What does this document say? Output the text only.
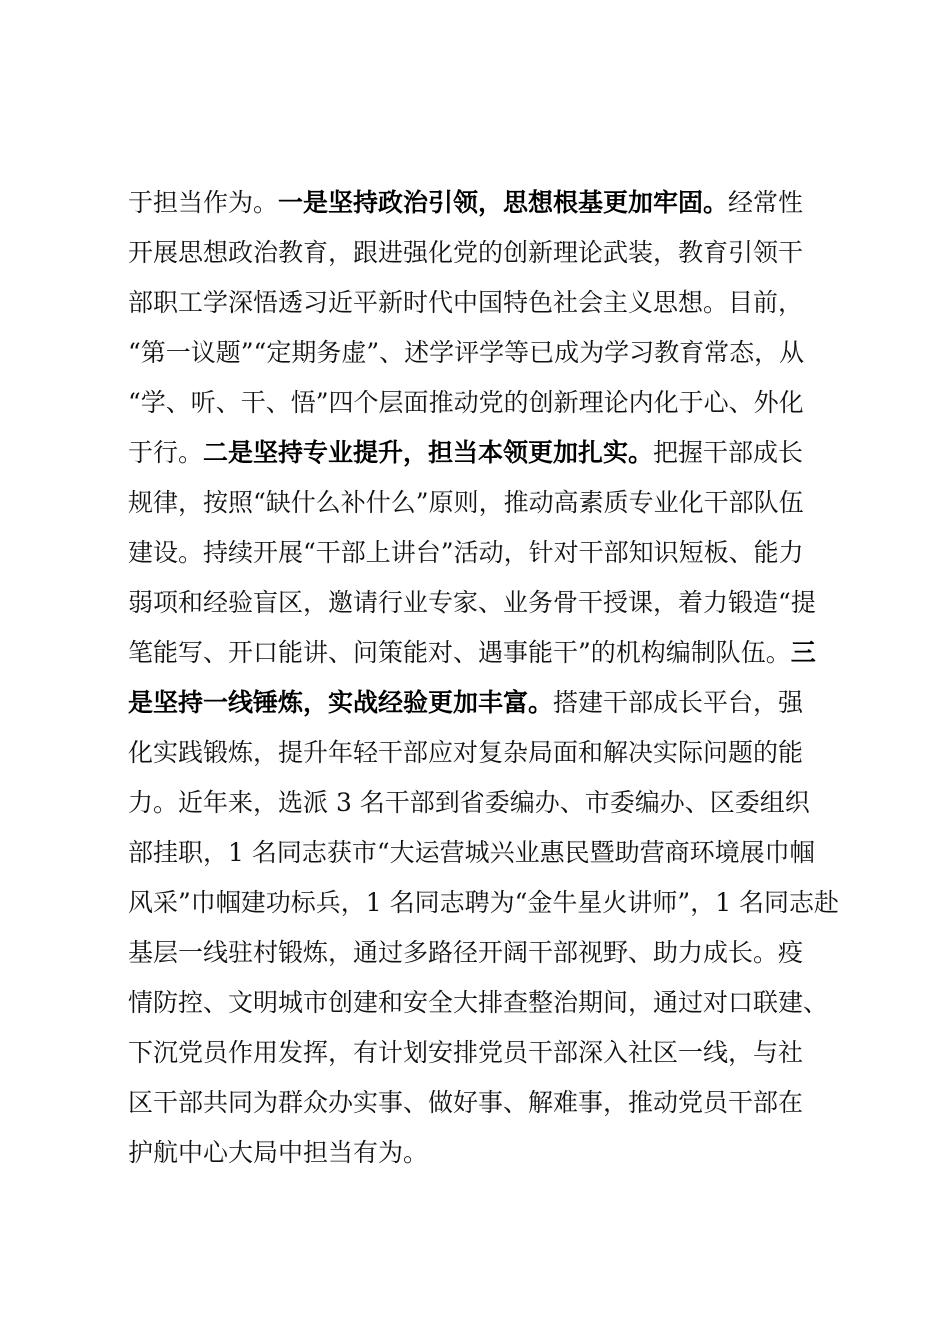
于担当作为。一是坚持政治引领，思想根基更加牢固。经常性
开展思想政治教育，跟进强化党的创新理论武装，教育引领干
部职工学深悟透习近平新时代中国特色社会主义思想。目前，
“第一议题”“定期务虚”、述学评学等已成为学习教育常态，从
“学、听、干、悟”四个层面推动党的创新理论内化于心、外化
于行。二是坚持专业提升，担当本领更加扎实。把握干部成长
规律，按照“缺什么补什么”原则，推动高素质专业化干部队伍
建设。持续开展“干部上讲台”活动，针对干部知识短板、能力
弱项和经验盲区，邀请行业专家、业务骨干授课，着力锻造“提
笔能写、开口能讲、问策能对、遇事能干”的机构编制队伍。三
是坚持一线锤炼，实战经验更加丰富。搭建干部成长平台，强
化实践锻炼，提升年轻干部应对复杂局面和解决实际问题的能
力。近年来，选派 3 名干部到省委编办、市委编办、区委组织
部挂职，1 名同志获市“大运营城兴业惠民暨助营商环境展巾帼
风采”巾帼建功标兵，1 名同志聘为“金牛星火讲师”，1 名同志赴
基层一线驻村锻炼，通过多路径开阔干部视野、助力成长。疫
情防控、文明城市创建和安全大排查整治期间，通过对口联建、
下沉党员作用发挥，有计划安排党员干部深入社区一线，与社
区干部共同为群众办实事、做好事、解难事，推动党员干部在
护航中心大局中担当有为。
